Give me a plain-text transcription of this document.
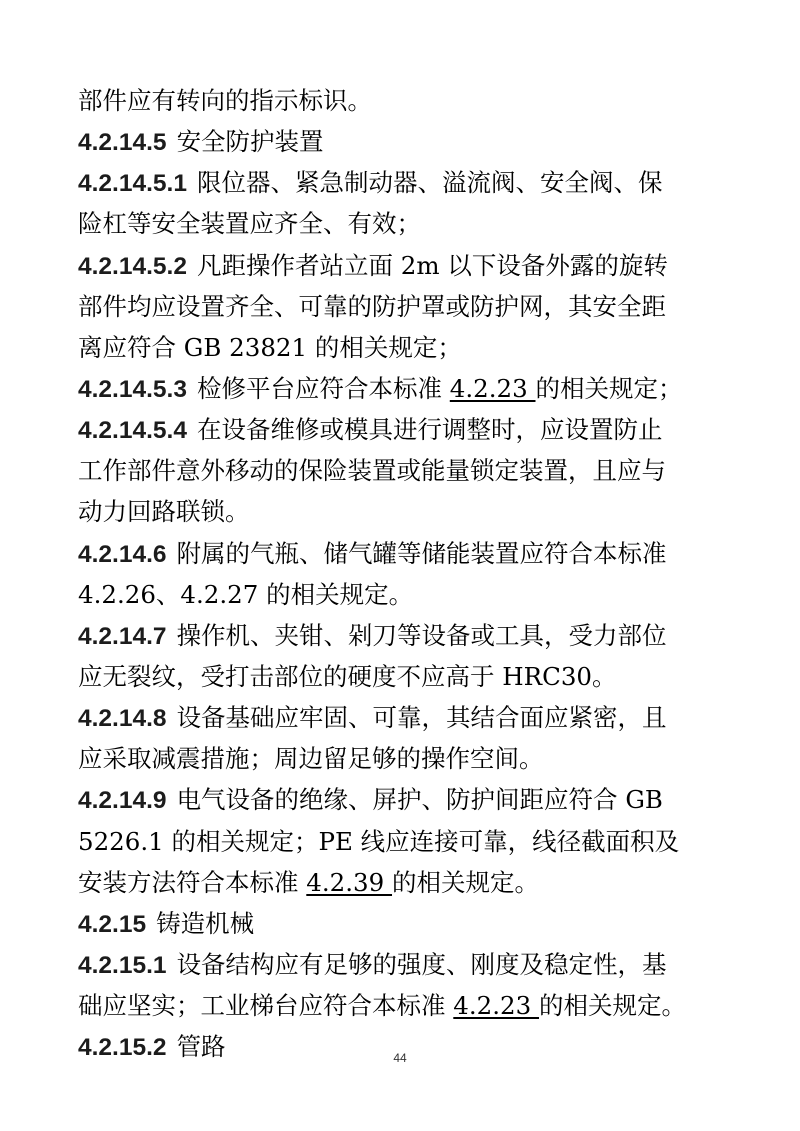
部件应有转向的指示标识。
4.2.14.5 安全防护装置
4.2.14.5.1 限位器、紧急制动器、溢流阀、安全阀、保
险杠等安全装置应齐全、有效；
4.2.14.5.2 凡距操作者站立面 2m 以下设备外露的旋转
部件均应设置齐全、可靠的防护罩或防护网，其安全距
离应符合 GB 23821 的相关规定；
4.2.14.5.3 检修平台应符合本标准 4.2.23 的相关规定；
4.2.14.5.4 在设备维修或模具进行调整时，应设置防止
工作部件意外移动的保险装置或能量锁定装置，且应与
动力回路联锁。
4.2.14.6 附属的气瓶、储气罐等储能装置应符合本标准
4.2.26、4.2.27 的相关规定。
4.2.14.7 操作机、夹钳、剁刀等设备或工具，受力部位
应无裂纹，受打击部位的硬度不应高于 HRC30。
4.2.14.8 设备基础应牢固、可靠，其结合面应紧密，且
应采取减震措施；周边留足够的操作空间。
4.2.14.9 电气设备的绝缘、屏护、防护间距应符合 GB
5226.1 的相关规定；PE 线应连接可靠，线径截面积及
安装方法符合本标准 4.2.39 的相关规定。
4.2.15 铸造机械
4.2.15.1 设备结构应有足够的强度、刚度及稳定性，基
础应坚实；工业梯台应符合本标准 4.2.23 的相关规定。
4.2.15.2 管路	44
